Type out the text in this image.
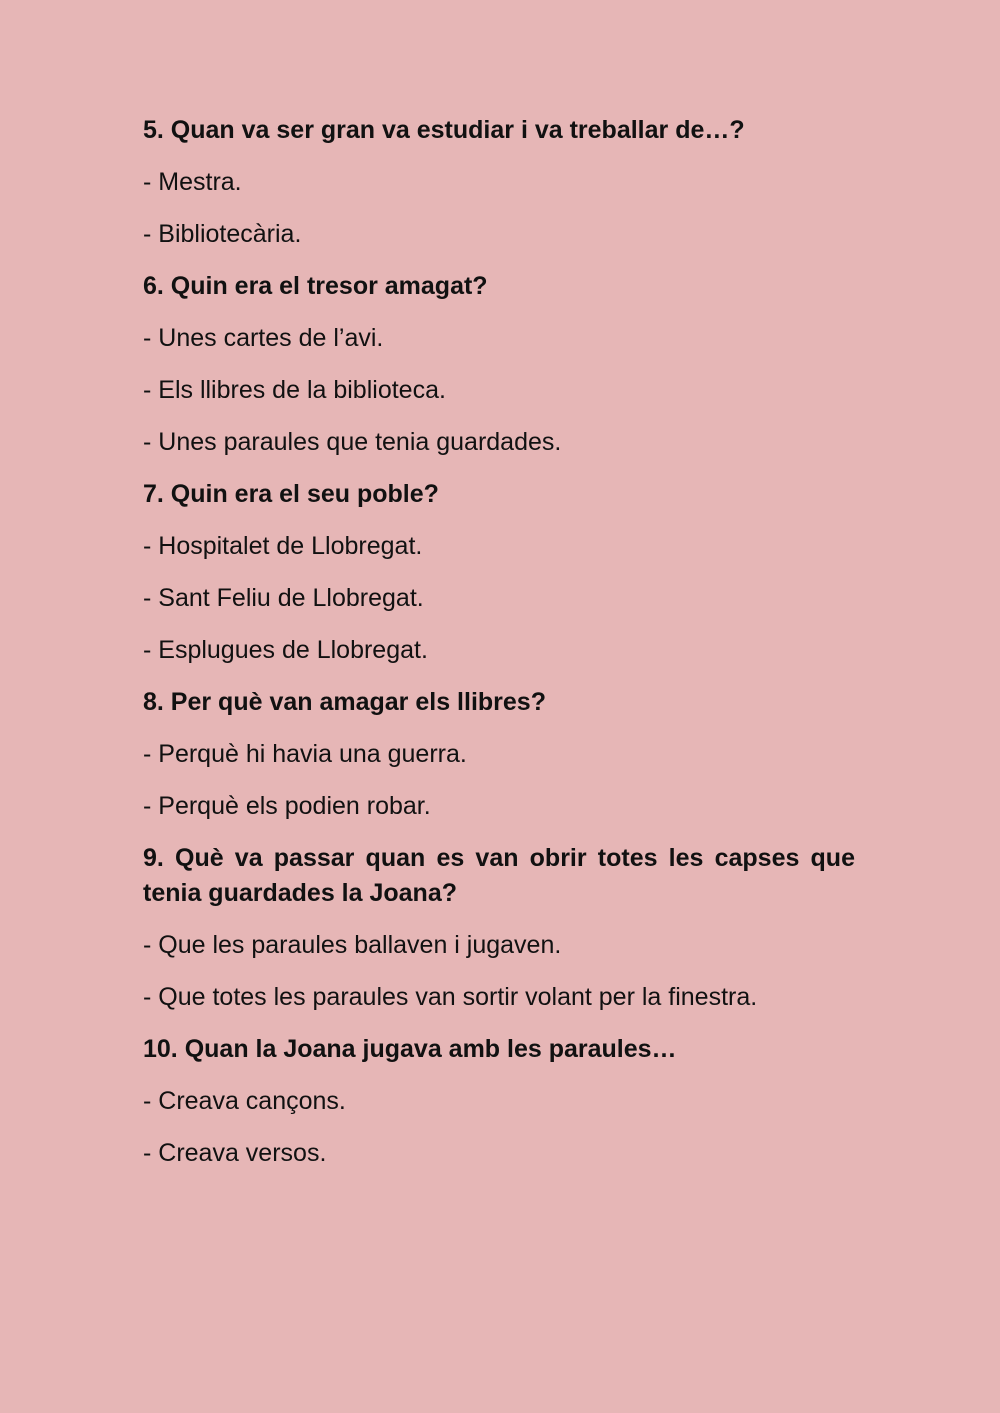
5. Quan va ser gran va estudiar i va treballar de…?
- Mestra.
- Bibliotecària.
6. Quin era el tresor amagat?
- Unes cartes de l’avi.
- Els llibres de la biblioteca.
- Unes paraules que tenia guardades.
7. Quin era el seu poble?
- Hospitalet de Llobregat.
- Sant Feliu de Llobregat.
- Esplugues de Llobregat.
8. Per què van amagar els llibres?
- Perquè hi havia una guerra.
- Perquè els podien robar.
9. Què va passar quan es van obrir totes les capses que tenia guardades la Joana?
- Que les paraules ballaven i jugaven.
- Que totes les paraules van sortir volant per la finestra.
10. Quan la Joana jugava amb les paraules…
- Creava cançons.
- Creava versos.
